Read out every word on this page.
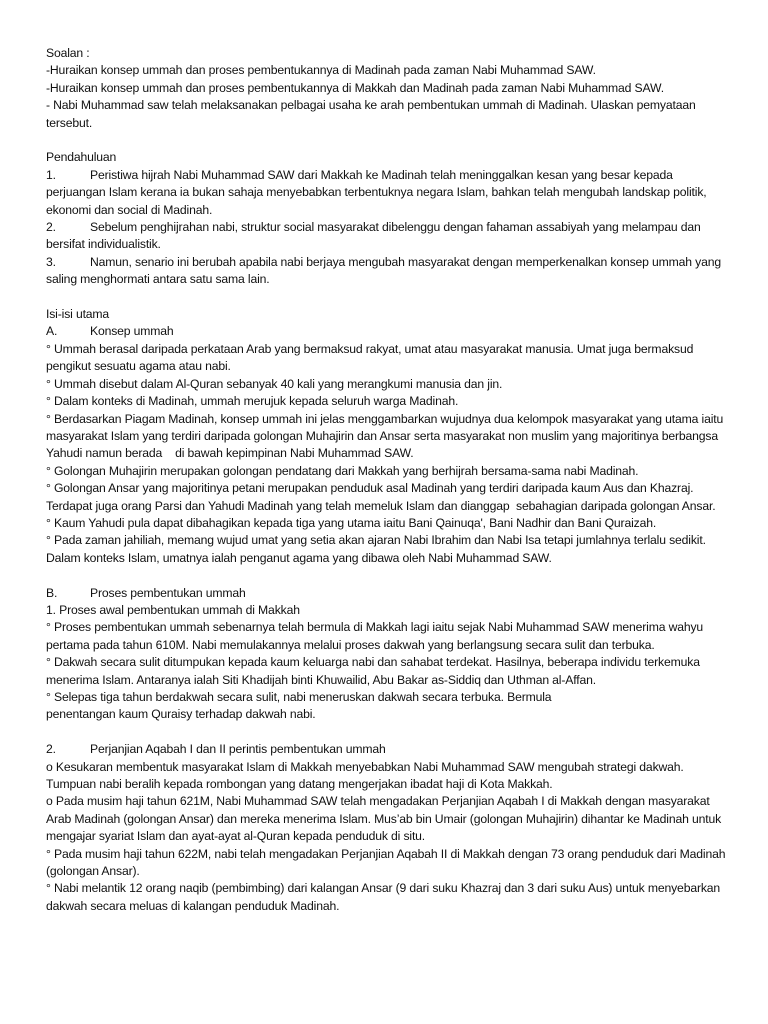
Soalan :

-Huraikan konsep ummah dan proses pembentukannya di Madinah pada zaman Nabi Muhammad SAW.

-Huraikan konsep ummah dan proses pembentukannya di Makkah dan Madinah pada zaman Nabi Muhammad SAW.

- Nabi Muhammad saw telah melaksanakan pelbagai usaha ke arah pembentukan ummah di Madinah. Ulaskan pemyataan tersebut.

Pendahuluan

1.	Peristiwa hijrah Nabi Muhammad SAW dari Makkah ke Madinah telah meninggalkan kesan yang besar kepada perjuangan Islam kerana ia bukan sahaja menyebabkan terbentuknya negara Islam, bahkan telah mengubah landskap politik, ekonomi dan social di Madinah.

2.	Sebelum penghijrahan nabi, struktur social masyarakat dibelenggu dengan fahaman assabiyah yang melampau dan bersifat individualistik.

3.	Namun, senario ini berubah apabila nabi berjaya mengubah masyarakat dengan memperkenalkan konsep ummah yang saling menghormati antara satu sama lain.

Isi-isi utama

A.	Konsep ummah

° Ummah berasal daripada perkataan Arab yang bermaksud rakyat, umat atau masyarakat manusia. Umat juga bermaksud pengikut sesuatu agama atau nabi.

° Ummah disebut dalam Al-Quran sebanyak 40 kali yang merangkumi manusia dan jin.

° Dalam konteks di Madinah, ummah merujuk kepada seluruh warga Madinah.

° Berdasarkan Piagam Madinah, konsep ummah ini jelas menggambarkan wujudnya dua kelompok masyarakat yang utama iaitu masyarakat Islam yang terdiri daripada golongan Muhajirin dan Ansar serta masyarakat non muslim yang majoritinya berbangsa   Yahudi namun berada    di bawah kepimpinan Nabi Muhammad SAW.

° Golongan Muhajirin merupakan golongan pendatang dari Makkah yang berhijrah bersama-sama nabi Madinah.

° Golongan Ansar yang majoritinya petani merupakan penduduk asal Madinah yang terdiri daripada kaum Aus dan Khazraj. Terdapat juga orang Parsi dan Yahudi Madinah yang telah memeluk Islam dan dianggap  sebahagian daripada golongan Ansar.

° Kaum Yahudi pula dapat dibahagikan kepada tiga yang utama iaitu Bani Qainuqa', Bani Nadhir dan Bani Quraizah.

° Pada zaman jahiliah, memang wujud umat yang setia akan ajaran Nabi Ibrahim dan Nabi Isa tetapi jumlahnya terlalu sedikit. Dalam konteks Islam, umatnya ialah penganut agama yang dibawa oleh Nabi Muhammad SAW.

B.	Proses pembentukan ummah

1. Proses awal pembentukan ummah di Makkah

° Proses pembentukan ummah sebenarnya telah bermula di Makkah lagi iaitu sejak Nabi Muhammad SAW menerima wahyu pertama pada tahun 610M. Nabi memulakannya melalui proses dakwah yang berlangsung secara sulit dan terbuka.

° Dakwah secara sulit ditumpukan kepada kaum keluarga nabi dan sahabat terdekat. Hasilnya, beberapa individu terkemuka menerima Islam. Antaranya ialah Siti Khadijah binti Khuwailid, Abu Bakar as-Siddiq dan Uthman al-Affan.

° Selepas tiga tahun berdakwah secara sulit, nabi meneruskan dakwah secara terbuka. Bermula
penentangan kaum Quraisy terhadap dakwah nabi.

2.	Perjanjian Aqabah I dan II perintis pembentukan ummah

o Kesukaran membentuk masyarakat Islam di Makkah menyebabkan Nabi Muhammad SAW mengubah strategi dakwah. Tumpuan nabi beralih kepada rombongan yang datang mengerjakan ibadat haji di Kota Makkah.

o Pada musim haji tahun 621M, Nabi Muhammad SAW telah mengadakan Perjanjian Aqabah I di Makkah dengan masyarakat Arab Madinah (golongan Ansar) dan mereka menerima Islam. Mus’ab bin Umair (golongan Muhajirin) dihantar ke Madinah untuk mengajar syariat Islam dan ayat-ayat al-Quran kepada penduduk di situ.

° Pada musim haji tahun 622M, nabi telah mengadakan Perjanjian Aqabah II di Makkah dengan 73 orang penduduk dari Madinah (golongan Ansar).

° Nabi melantik 12 orang naqib (pembimbing) dari kalangan Ansar (9 dari suku Khazraj dan 3 dari suku Aus) untuk menyebarkan dakwah secara meluas di kalangan penduduk Madinah.
